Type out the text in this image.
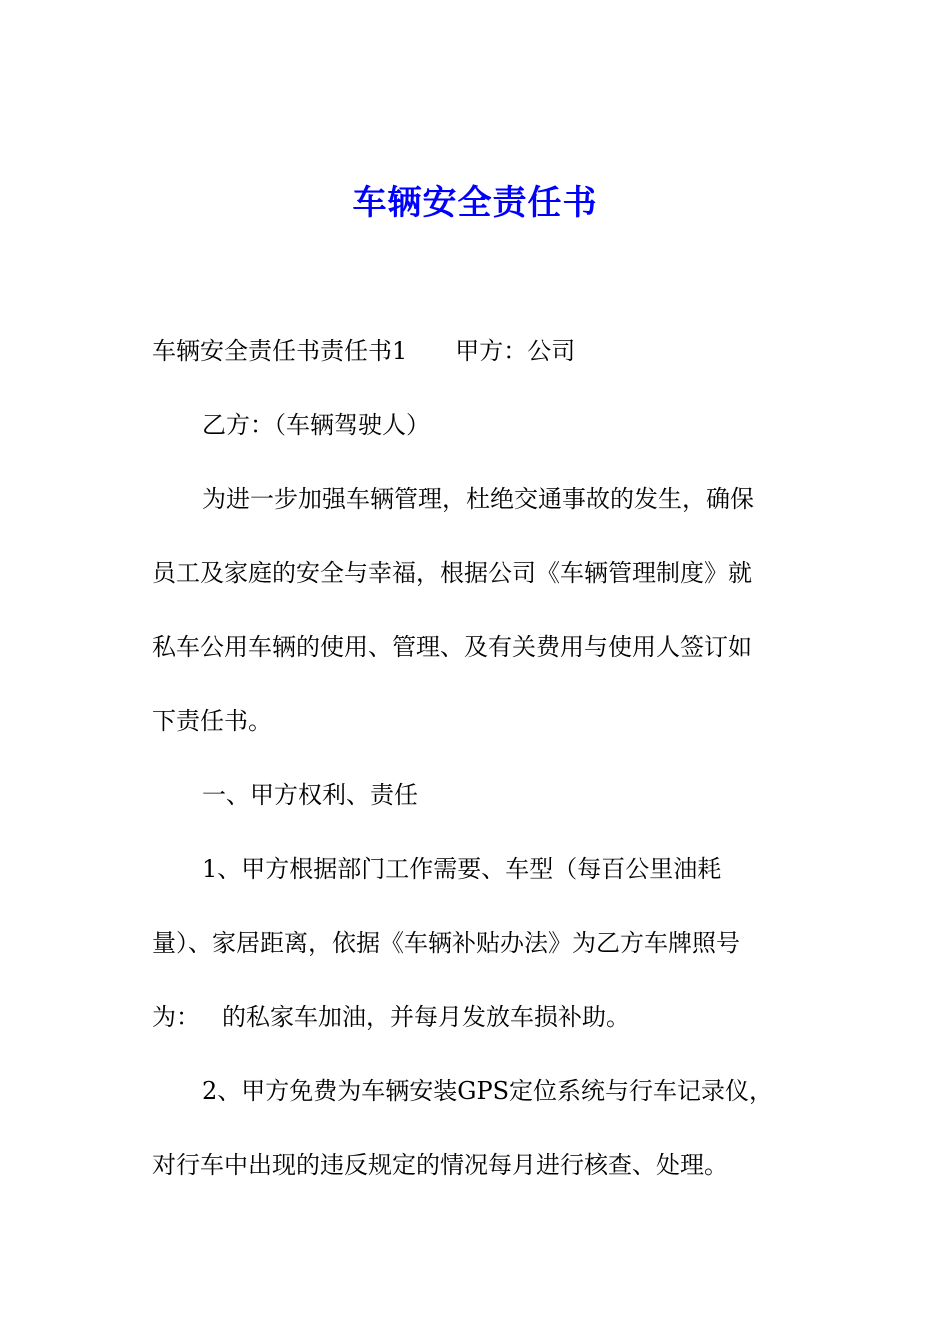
车辆安全责任书
车辆安全责任书责任书1 甲方：公司
乙方：（车辆驾驶人）
为进一步加强车辆管理，杜绝交通事故的发生，确保
员工及家庭的安全与幸福，根据公司《车辆管理制度》就
私车公用车辆的使用、管理、及有关费用与使用人签订如
下责任书。
一、甲方权利、责任
1、甲方根据部门工作需要、车型（每百公里油耗
量）、家居距离，依据《车辆补贴办法》为乙方车牌照号
为： 的私家车加油，并每月发放车损补助。
2、甲方免费为车辆安装GPS定位系统与行车记录仪，
对行车中出现的违反规定的情况每月进行核查、处理。
